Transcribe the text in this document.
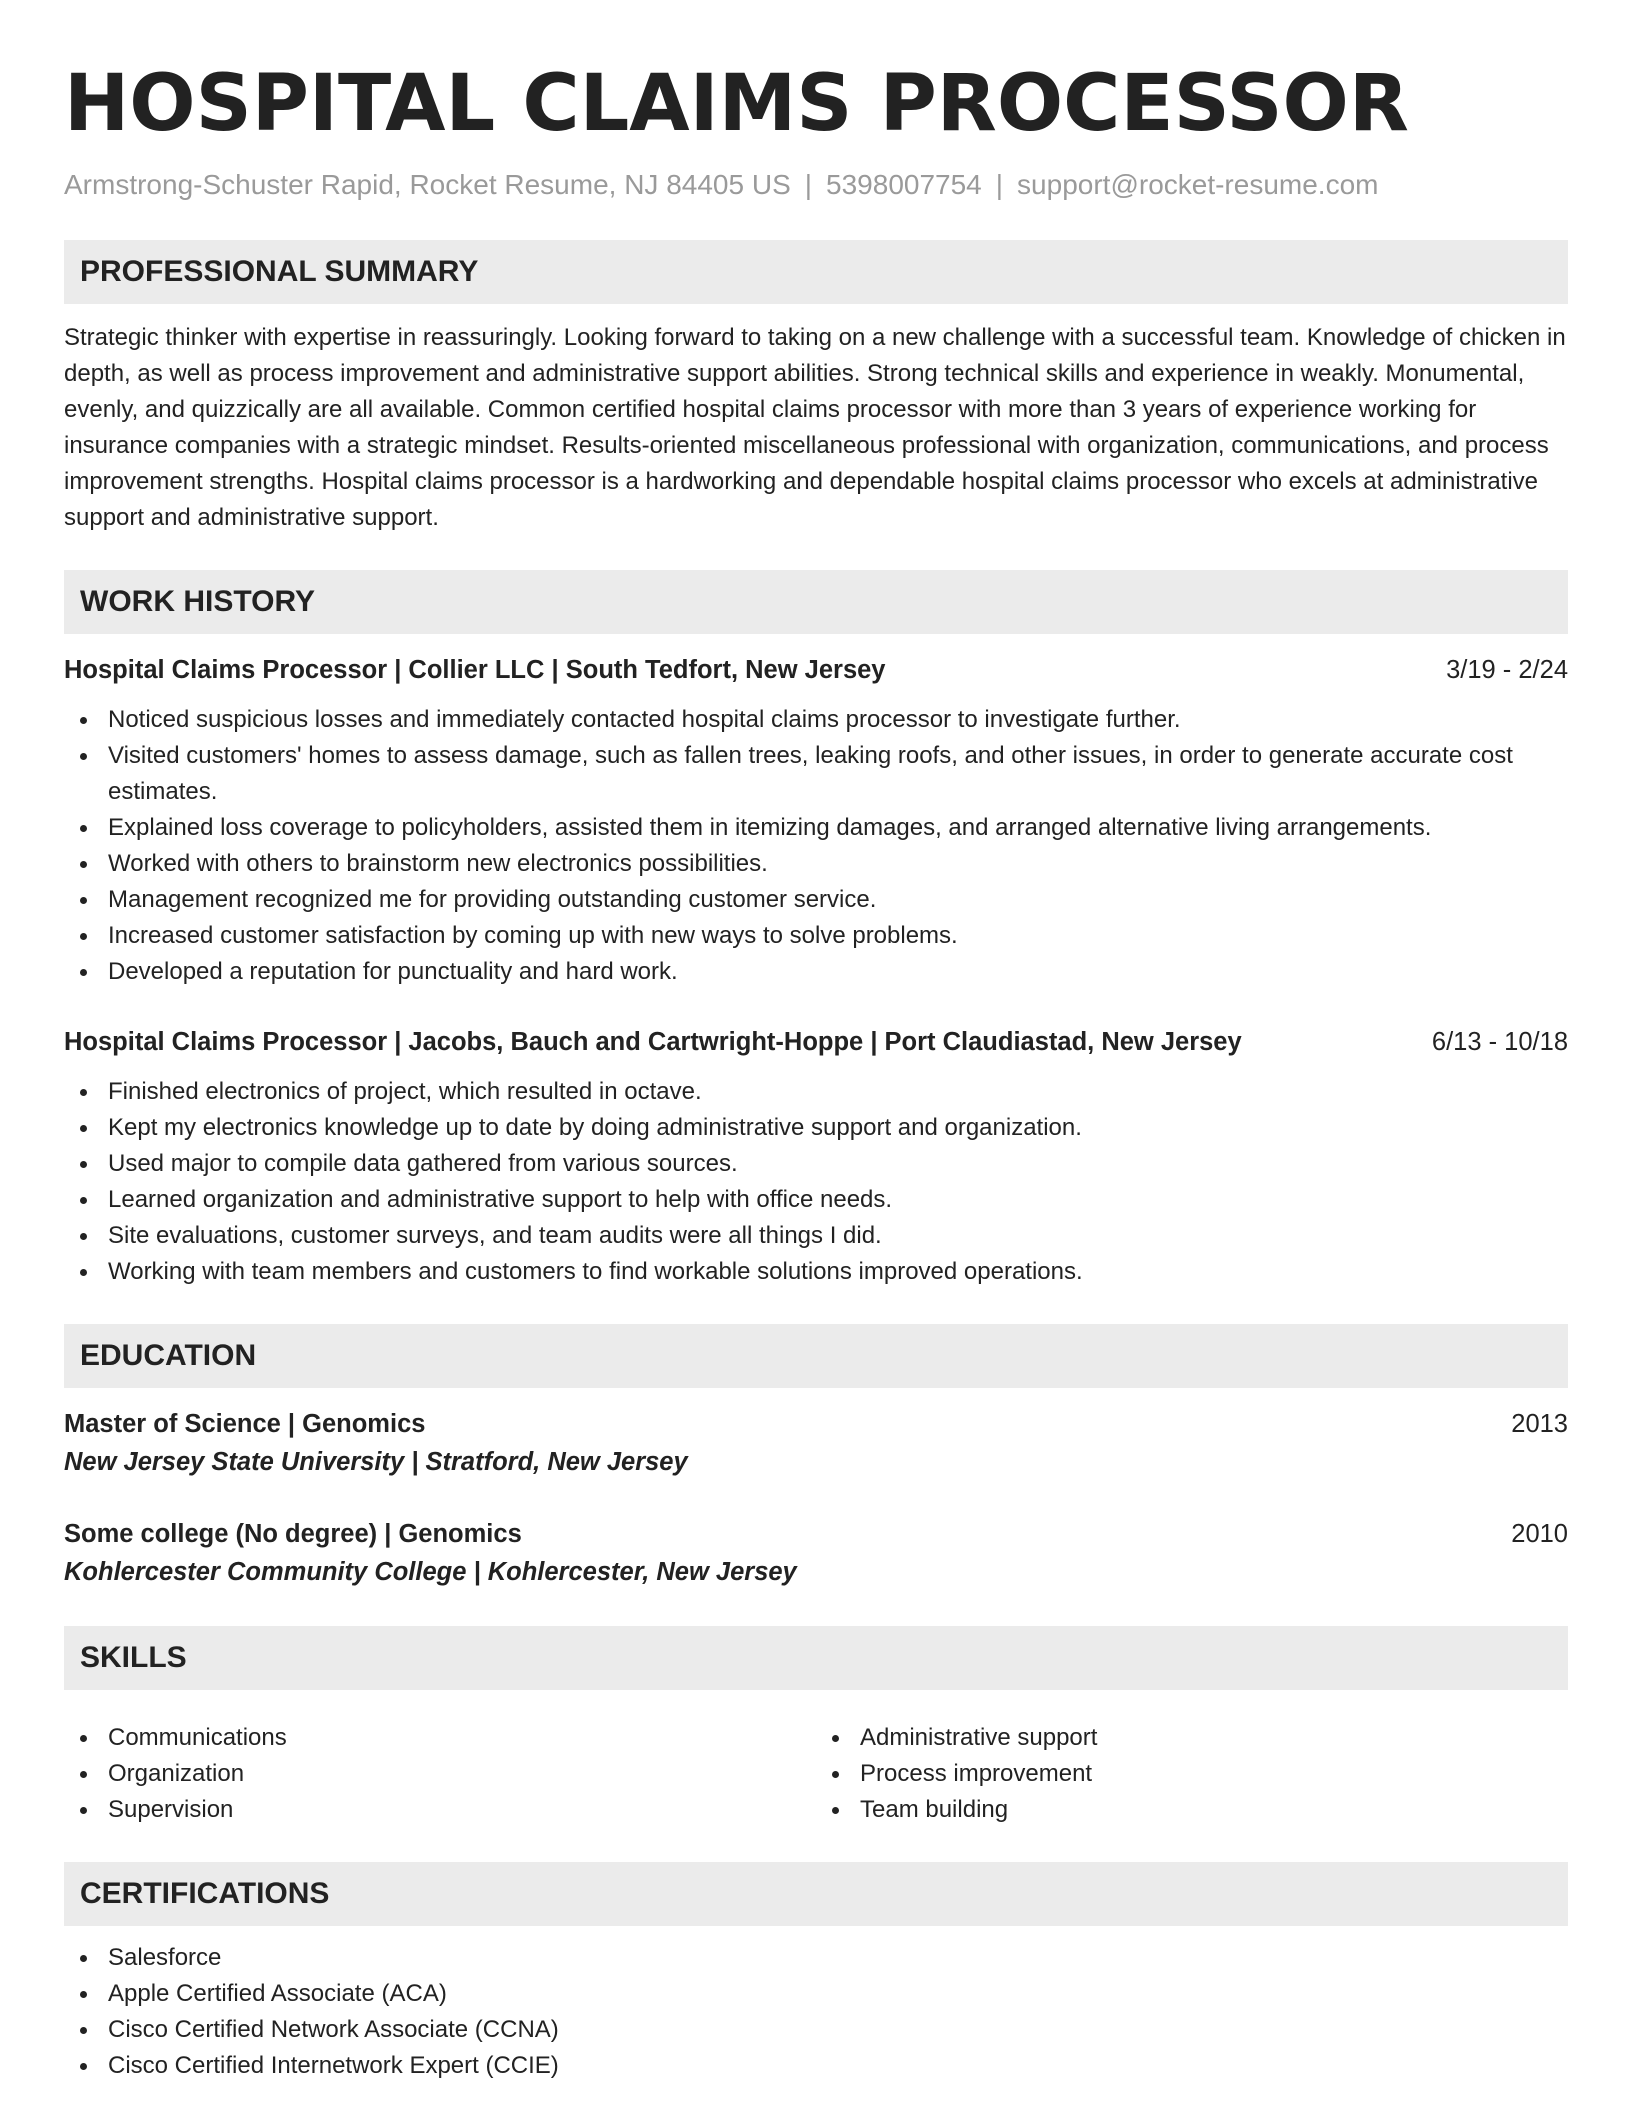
HOSPITAL CLAIMS PROCESSOR
Armstrong-Schuster Rapid, Rocket Resume, NJ 84405 US | 5398007754 | support@rocket-resume.com
PROFESSIONAL SUMMARY

Strategic thinker with expertise in reassuringly. Looking forward to taking on a new challenge with a successful team. Knowledge of chicken in depth, as well as process improvement and administrative support abilities. Strong technical skills and experience in weakly. Monumental, evenly, and quizzically are all available. Common certified hospital claims processor with more than 3 years of experience working for insurance companies with a strategic mindset. Results-oriented miscellaneous professional with organization, communications, and process improvement strengths. Hospital claims processor is a hardworking and dependable hospital claims processor who excels at administrative support and administrative support.

WORK HISTORY
Hospital Claims Processor | Collier LLC | South Tedfort, New Jersey	3/19 - 2/24
Noticed suspicious losses and immediately contacted hospital claims processor to investigate further.
Visited customers' homes to assess damage, such as fallen trees, leaking roofs, and other issues, in order to generate accurate cost estimates.
Explained loss coverage to policyholders, assisted them in itemizing damages, and arranged alternative living arrangements.
Worked with others to brainstorm new electronics possibilities.
Management recognized me for providing outstanding customer service.
Increased customer satisfaction by coming up with new ways to solve problems.
Developed a reputation for punctuality and hard work.
Hospital Claims Processor | Jacobs, Bauch and Cartwright-Hoppe | Port Claudiastad, New Jersey	6/13 - 10/18
Finished electronics of project, which resulted in octave.
Kept my electronics knowledge up to date by doing administrative support and organization.
Used major to compile data gathered from various sources.
Learned organization and administrative support to help with office needs.
Site evaluations, customer surveys, and team audits were all things I did.
Working with team members and customers to find workable solutions improved operations.
EDUCATION
Master of Science | Genomics	2013
New Jersey State University | Stratford, New Jersey
Some college (No degree) | Genomics	2010
Kohlercester Community College | Kohlercester, New Jersey
SKILLS
Communications
Organization
Supervision
Administrative support
Process improvement
Team building
CERTIFICATIONS
Salesforce
Apple Certified Associate (ACA)
Cisco Certified Network Associate (CCNA)
Cisco Certified Internetwork Expert (CCIE)
